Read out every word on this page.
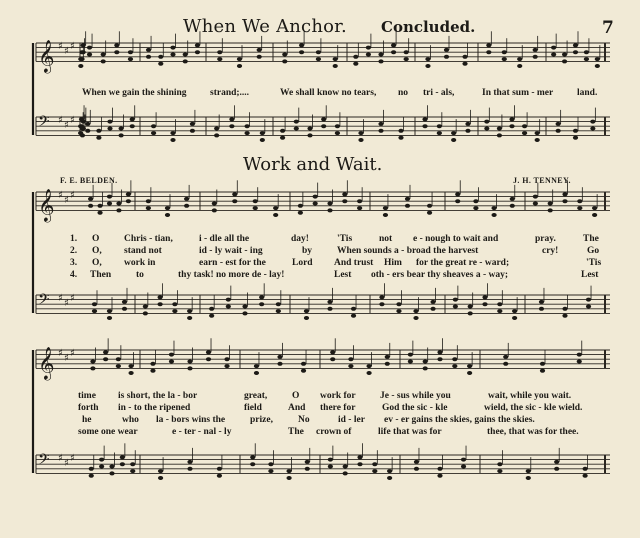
When We Anchor. Concluded.	7
𝄞 ♯ ♯ ♯
𝄢 ♯ ♯ ♯
𝄞 ♯ ♯ ♯
𝄢 ♯ ♯ ♯
𝄞 ♯ ♯ ♯
𝄢 ♯ ♯ ♯
When we gain the shining strand;....	We shall know no tears, no tri - als,	In that sum - mer	land.
Work and Wait.
F. E. BELDEN.	J. H. TENNEY.
1. O	Chris - tian,	i - dle all the	day!	'Tis	not e - nough to wait and	pray.	The
2. O, stand not	id - ly wait - ing	by	When sounds a - broad the harvest	cry!	Go
3. O, work in	earn - est for the	Lord And trust Him for the great re - ward;	'Tis
4. Then	to	thy task! no more de - lay!	Lest oth - ers bear thy sheaves a - way;	Lest
time is short, the la - bor	great,	O work for	Je - sus while you	wait, while you wait.
forth in - to the ripened	field	And there for	God the sic - kle	wield, the sic - kle wield.
he	who la - bors wins the	prize,	No	id - ler ev - er gains the skies, gains the skies.
some one wear	e - ter - nal - ly	The crown of	life that was for	thee, that was for thee.
